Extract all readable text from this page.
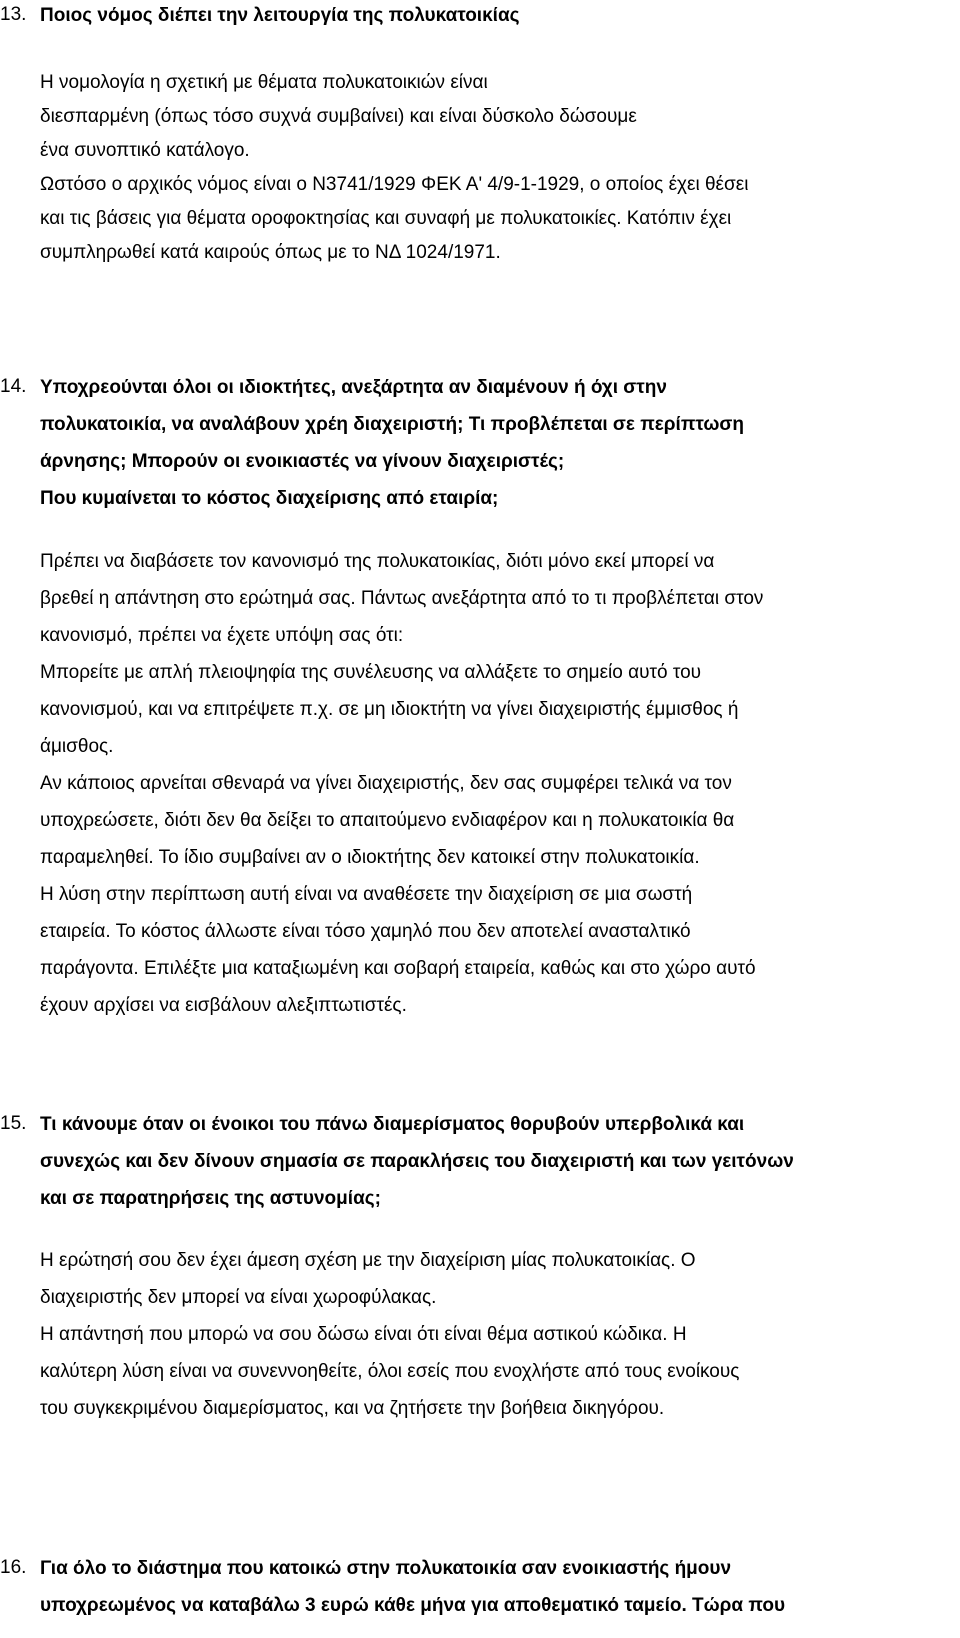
13. Ποιος νόμος διέπει την λειτουργία της πολυκατοικίας
Η νομολογία η σχετική με θέματα πολυκατοικιών είναι
διεσπαρμένη (όπως τόσο συχνά συμβαίνει) και είναι δύσκολο δώσουμε
ένα συνοπτικό κατάλογο.
Ωστόσο ο αρχικός νόμος είναι ο Ν3741/1929 ΦΕΚ Α' 4/9-1-1929, ο οποίος έχει θέσει
και τις βάσεις για θέματα οροφοκτησίας και συναφή με πολυκατοικίες. Κατόπιν έχει
συμπληρωθεί κατά καιρούς όπως με το ΝΔ 1024/1971.
14. Υποχρεούνται όλοι οι ιδιοκτήτες, ανεξάρτητα αν διαμένουν ή όχι στην
πολυκατοικία, να αναλάβουν χρέη διαχειριστή; Τι προβλέπεται σε περίπτωση
άρνησης; Μπορούν οι ενοικιαστές να γίνουν διαχειριστές;
Που κυμαίνεται το κόστος διαχείρισης από εταιρία;
Πρέπει να διαβάσετε τον κανονισμό της πολυκατοικίας, διότι μόνο εκεί μπορεί να
βρεθεί η απάντηση στο ερώτημά σας. Πάντως ανεξάρτητα από το τι προβλέπεται στον
κανονισμό, πρέπει να έχετε υπόψη σας ότι:
Μπορείτε με απλή πλειοψηφία της συνέλευσης να αλλάξετε το σημείο αυτό του
κανονισμού, και να επιτρέψετε π.χ. σε μη ιδιοκτήτη να γίνει διαχειριστής έμμισθος ή
άμισθος.
Αν κάποιος αρνείται σθεναρά να γίνει διαχειριστής, δεν σας συμφέρει τελικά να τον
υποχρεώσετε, διότι δεν θα δείξει το απαιτούμενο ενδιαφέρον και η πολυκατοικία θα
παραμεληθεί. Το ίδιο συμβαίνει αν ο ιδιοκτήτης δεν κατοικεί στην πολυκατοικία.
Η λύση στην περίπτωση αυτή είναι να αναθέσετε την διαχείριση σε μια σωστή
εταιρεία. Το κόστος άλλωστε είναι τόσο χαμηλό που δεν αποτελεί ανασταλτικό
παράγοντα. Επιλέξτε μια καταξιωμένη και σοβαρή εταιρεία, καθώς και στο χώρο αυτό
έχουν αρχίσει να εισβάλουν αλεξιπτωτιστές.
15. Τι κάνουμε όταν οι ένοικοι του πάνω διαμερίσματος θορυβούν υπερβολικά και
συνεχώς και δεν δίνουν σημασία σε παρακλήσεις του διαχειριστή και των γειτόνων
και σε παρατηρήσεις της αστυνομίας;
Η ερώτησή σου δεν έχει άμεση σχέση με την διαχείριση μίας πολυκατοικίας. Ο
διαχειριστής δεν μπορεί να είναι χωροφύλακας.
Η απάντησή που μπορώ να σου δώσω είναι ότι είναι θέμα αστικού κώδικα. Η
καλύτερη λύση είναι να συνεννοηθείτε, όλοι εσείς που ενοχλήστε από τους ενοίκους
του συγκεκριμένου διαμερίσματος, και να ζητήσετε την βοήθεια δικηγόρου.
16. Για όλο το διάστημα που κατοικώ στην πολυκατοικία σαν ενοικιαστής ήμουν
υποχρεωμένος να καταβάλω 3 ευρώ κάθε μήνα για αποθεματικό ταμείο. Τώρα που
